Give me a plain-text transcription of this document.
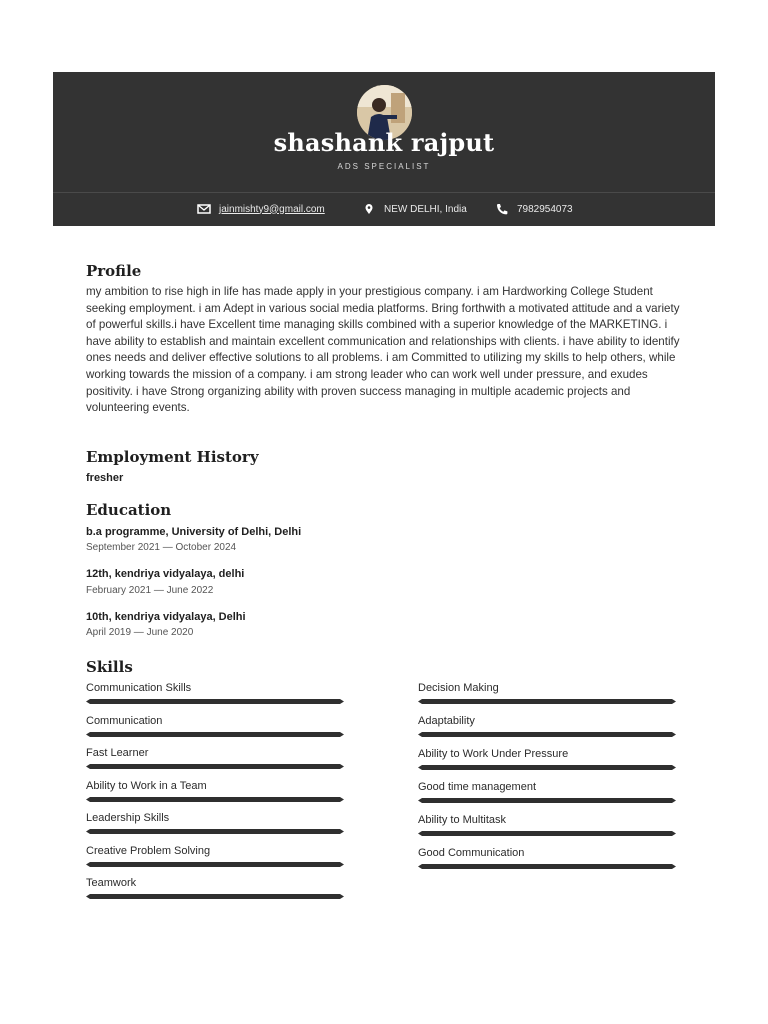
shashank rajput
ADS SPECIALIST
jainmishty9@gmail.com	NEW DELHI, India	7982954073
Profile
my ambition to rise high in life has made apply in your prestigious company. i am Hardworking College Student seeking employment. i am Adept in various social media platforms. Bring forthwith a motivated attitude and a variety of powerful skills.i have Excellent time managing skills combined with a superior knowledge of the MARKETING. i have ability to establish and maintain excellent communication and relationships with clients. i have ability to identify ones needs and deliver effective solutions to all problems. i am Committed to utilizing my skills to help others, while working towards the mission of a company. i am strong leader who can work well under pressure, and exudes positivity. i have Strong organizing ability with proven success managing in multiple academic projects and volunteering events.
Employment History
fresher
Education
b.a programme, University of Delhi, Delhi
September 2021 — October 2024
12th, kendriya vidyalaya, delhi
February 2021 — June 2022
10th, kendriya vidyalaya, Delhi
April 2019 — June 2020
Skills
Communication Skills
Communication
Fast Learner
Ability to Work in a Team
Leadership Skills
Creative Problem Solving
Teamwork
Decision Making
Adaptability
Ability to Work Under Pressure
Good time management
Ability to Multitask
Good Communication
